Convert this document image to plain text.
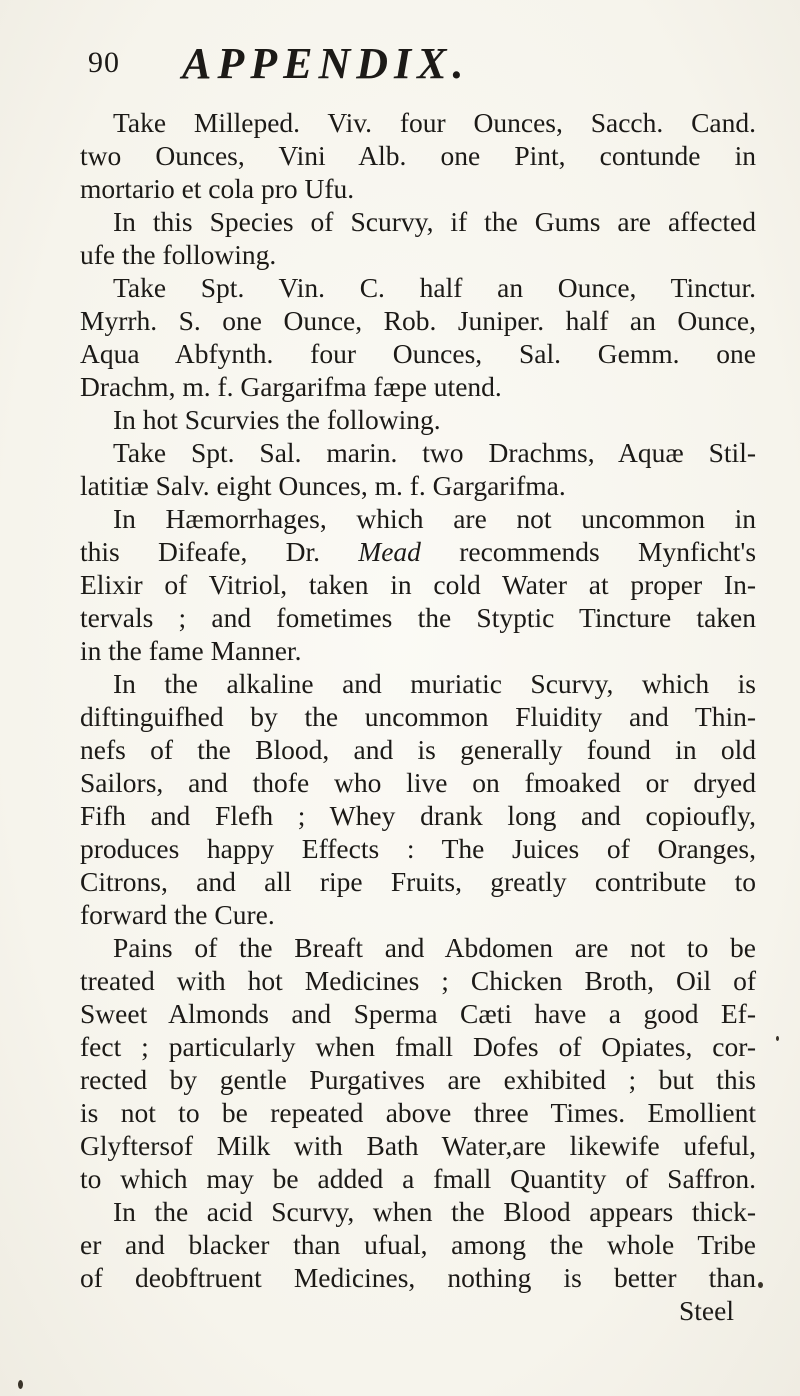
90 APPENDIX.
Take Milleped. Viv. four Ounces, Sacch. Cand.
two Ounces, Vini Alb. one Pint, contunde in
mortario et cola pro Ufu.
In this Species of Scurvy, if the Gums are affected
ufe the following.
Take Spt. Vin. C. half an Ounce, Tinctur.
Myrrh. S. one Ounce, Rob. Juniper. half an Ounce,
Aqua Abfynth. four Ounces, Sal. Gemm. one
Drachm, m. f. Gargarifma fæpe utend.
In hot Scurvies the following.
Take Spt. Sal. marin. two Drachms, Aquæ Stil-
latitiæ Salv. eight Ounces, m. f. Gargarifma.
In Hæmorrhages, which are not uncommon in
this Difeafe, Dr. Mead recommends Mynficht's
Elixir of Vitriol, taken in cold Water at proper In-
tervals ; and fometimes the Styptic Tincture taken
in the fame Manner.
In the alkaline and muriatic Scurvy, which is
diftinguifhed by the uncommon Fluidity and Thin-
nefs of the Blood, and is generally found in old
Sailors, and thofe who live on fmoaked or dryed
Fifh and Flefh ; Whey drank long and copioufly,
produces happy Effects : The Juices of Oranges,
Citrons, and all ripe Fruits, greatly contribute to
forward the Cure.
Pains of the Breaft and Abdomen are not to be
treated with hot Medicines ; Chicken Broth, Oil of
Sweet Almonds and Sperma Cæti have a good Ef-
fect ; particularly when fmall Dofes of Opiates, cor-
rected by gentle Purgatives are exhibited ; but this
is not to be repeated above three Times. Emollient
Glyftersof Milk with Bath Water,are likewife ufeful,
to which may be added a fmall Quantity of Saffron.
In the acid Scurvy, when the Blood appears thick-
er and blacker than ufual, among the whole Tribe
of deobftruent Medicines, nothing is better than
Steel
